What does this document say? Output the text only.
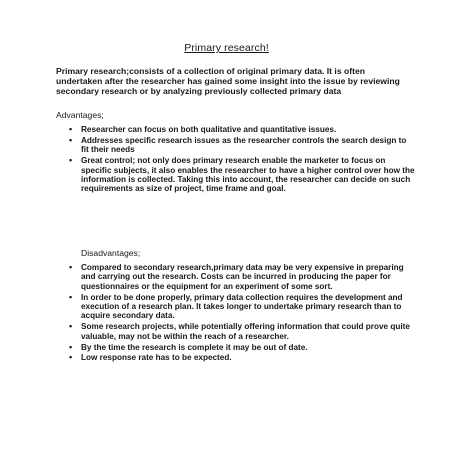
Primary research!

Primary research;consists of a collection of original primary data. It is often undertaken after the researcher has gained some insight into the issue by reviewing secondary research or by analyzing previously collected primary data

Advantages;

• Researcher can focus on both qualitative and quantitative issues.
• Addresses specific research issues as the researcher controls the search design to fit their needs
• Great control; not only does primary research enable the marketer to focus on specific subjects, it also enables the researcher to have a higher control over how the information is collected. Taking this into account, the researcher can decide on such requirements as size of project, time frame and goal.

Disadvantages;

• Compared to secondary research,primary data may be very expensive in preparing and carrying out the research. Costs can be incurred in producing the paper for questionnaires or the equipment for an experiment of some sort.
• In order to be done properly, primary data collection requires the development and execution of a research plan. It takes longer to undertake primary research than to acquire secondary data.
• Some research projects, while potentially offering information that could prove quite valuable, may not be within the reach of a researcher.
• By the time the research is complete it may be out of date.
• Low response rate has to be expected.
